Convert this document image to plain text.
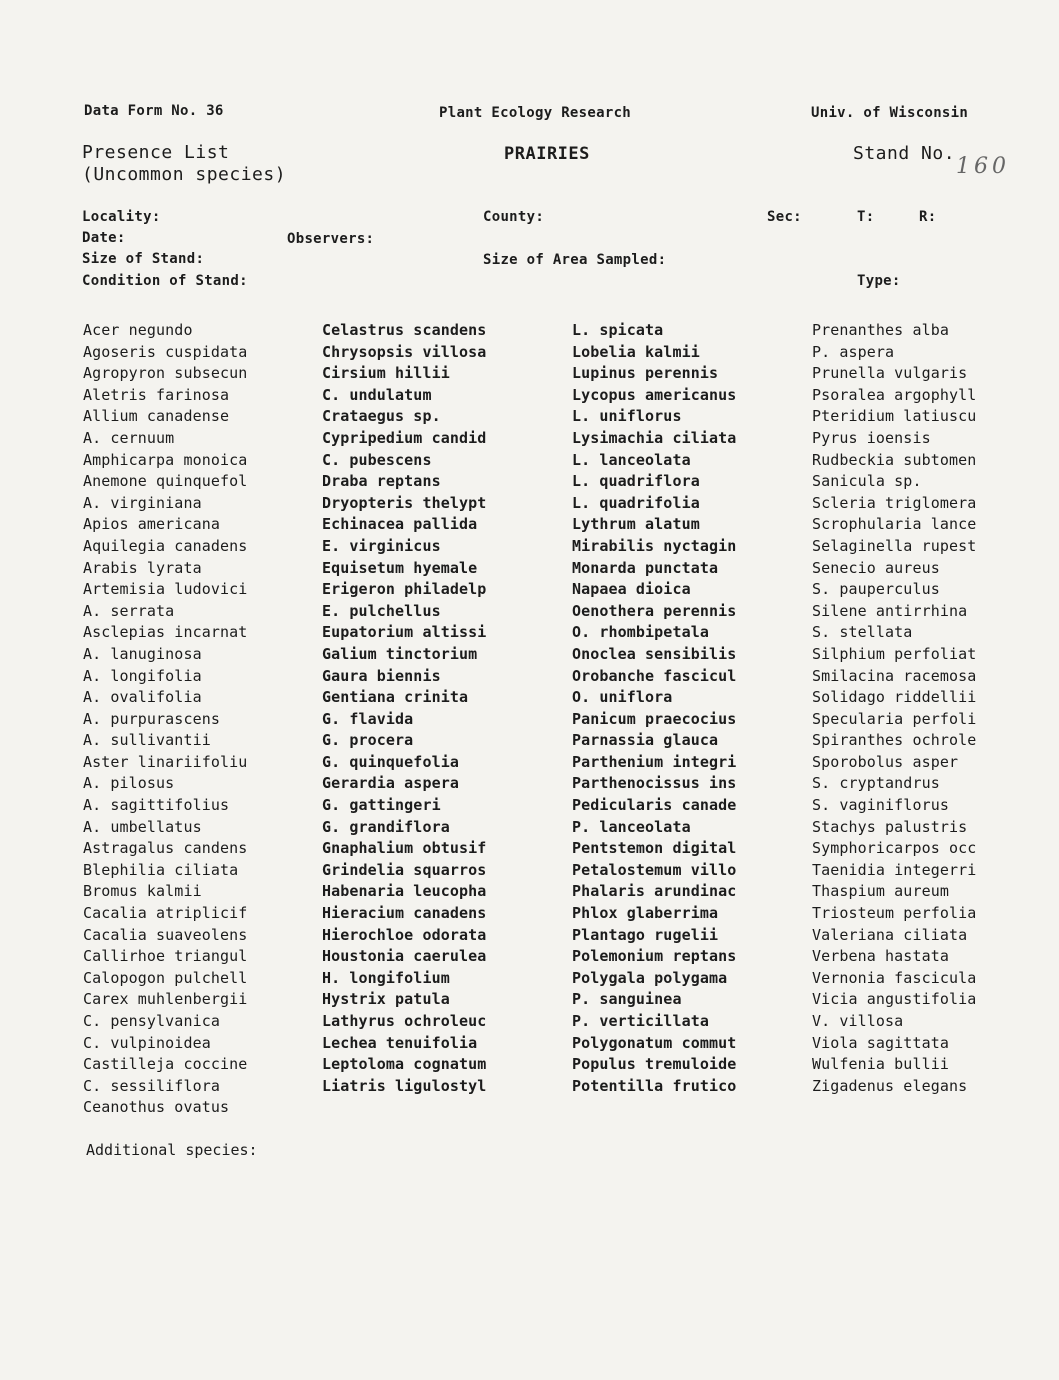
Data Form No. 36	Plant Ecology Research	Univ. of Wisconsin
Presence List
(Uncommon species)
PRAIRIES	Stand No.
160
Locality:	County:	Sec:	T:	R:
Date:	Observers:
Size of Stand:	Size of Area Sampled:
Condition of Stand:	Type:
Acer negundo
Agoseris cuspidata
Agropyron subsecun
Aletris farinosa
Allium canadense
A. cernuum
Amphicarpa monoica
Anemone quinquefol
A. virginiana
Apios americana
Aquilegia canadens
Arabis lyrata
Artemisia ludovici
A. serrata
Asclepias incarnat
A. lanuginosa
A. longifolia
A. ovalifolia
A. purpurascens
A. sullivantii
Aster linariifoliu
A. pilosus
A. sagittifolius
A. umbellatus
Astragalus candens
Blephilia ciliata
Bromus kalmii
Cacalia atriplicif
Cacalia suaveolens
Callirhoe triangul
Calopogon pulchell
Carex muhlenbergii
C. pensylvanica
C. vulpinoidea
Castilleja coccine
C. sessiliflora
Ceanothus ovatus
Celastrus scandens
Chrysopsis villosa
Cirsium hillii
C. undulatum
Crataegus sp.
Cypripedium candid
C. pubescens
Draba reptans
Dryopteris thelypt
Echinacea pallida
E. virginicus
Equisetum hyemale
Erigeron philadelp
E. pulchellus
Eupatorium altissi
Galium tinctorium
Gaura biennis
Gentiana crinita
G. flavida
G. procera
G. quinquefolia
Gerardia aspera
G. gattingeri
G. grandiflora
Gnaphalium obtusif
Grindelia squarros
Habenaria leucopha
Hieracium canadens
Hierochloe odorata
Houstonia caerulea
H. longifolium
Hystrix patula
Lathyrus ochroleuc
Lechea tenuifolia
Leptoloma cognatum
Liatris ligulostyl
L. spicata
Lobelia kalmii
Lupinus perennis
Lycopus americanus
L. uniflorus
Lysimachia ciliata
L. lanceolata
L. quadriflora
L. quadrifolia
Lythrum alatum
Mirabilis nyctagin
Monarda punctata
Napaea dioica
Oenothera perennis
O. rhombipetala
Onoclea sensibilis
Orobanche fascicul
O. uniflora
Panicum praecocius
Parnassia glauca
Parthenium integri
Parthenocissus ins
Pedicularis canade
P. lanceolata
Pentstemon digital
Petalostemum villo
Phalaris arundinac
Phlox glaberrima
Plantago rugelii
Polemonium reptans
Polygala polygama
P. sanguinea
P. verticillata
Polygonatum commut
Populus tremuloide
Potentilla frutico
Prenanthes alba
P. aspera
Prunella vulgaris
Psoralea argophyll
Pteridium latiuscu
Pyrus ioensis
Rudbeckia subtomen
Sanicula sp.
Scleria triglomera
Scrophularia lance
Selaginella rupest
Senecio aureus
S. pauperculus
Silene antirrhina
S. stellata
Silphium perfoliat
Smilacina racemosa
Solidago riddellii
Specularia perfoli
Spiranthes ochrole
Sporobolus asper
S. cryptandrus
S. vaginiflorus
Stachys palustris
Symphoricarpos occ
Taenidia integerri
Thaspium aureum
Triosteum perfolia
Valeriana ciliata
Verbena hastata
Vernonia fascicula
Vicia angustifolia
V. villosa
Viola sagittata
Wulfenia bullii
Zigadenus elegans
Additional species:
